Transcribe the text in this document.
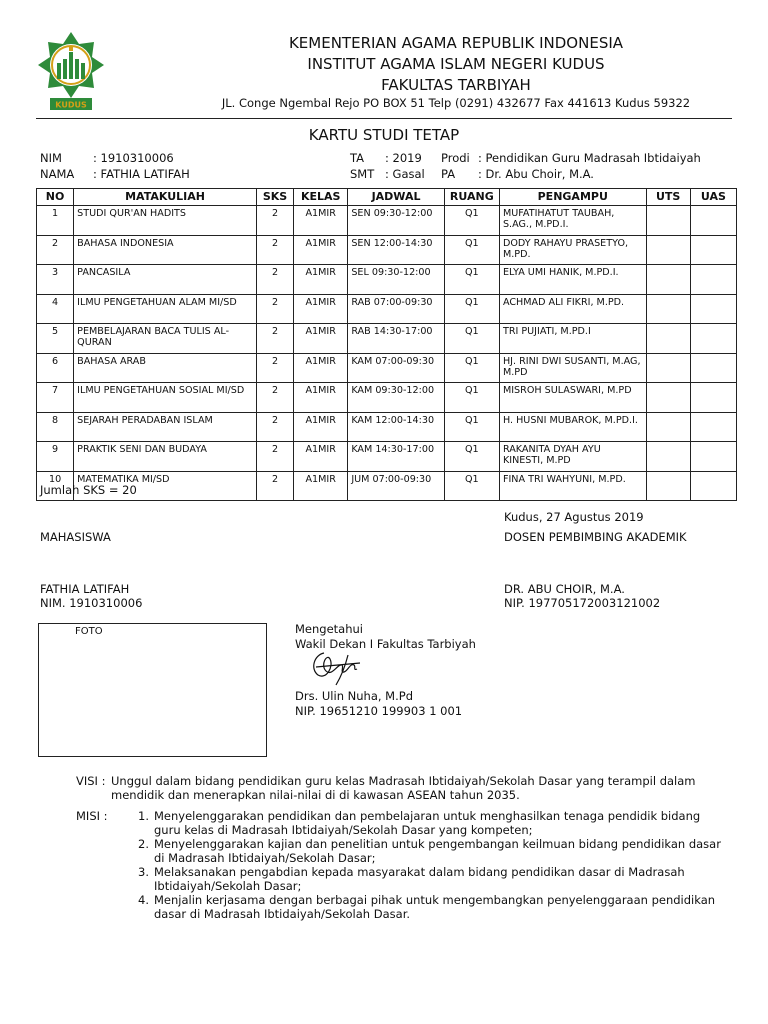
KUDUS
KEMENTERIAN AGAMA REPUBLIK INDONESIA
INSTITUT AGAMA ISLAM NEGERI KUDUS
FAKULTAS TARBIYAH
JL. Conge Ngembal Rejo PO BOX 51 Telp (0291) 432677 Fax 441613 Kudus 59322
KARTU STUDI TETAP
NIM	: 1910310006
NAMA : FATHIA LATIFAH
TA : 2019 Prodi : Pendidikan Guru Madrasah Ibtidaiyah
SMT : Gasal PA : Dr. Abu Choir, M.A.
NO	MATAKULIAH	SKS	KELAS	JADWAL	RUANG	PENGAMPU	UTS	UAS
1	STUDI QUR'AN HADITS	2	A1MIR	SEN 09:30-12:00	Q1	MUFATIHATUT TAUBAH, S.AG., M.PD.I.		
2	BAHASA INDONESIA	2	A1MIR	SEN 12:00-14:30	Q1	DODY RAHAYU PRASETYO, M.PD.		
3	PANCASILA	2	A1MIR	SEL 09:30-12:00	Q1	ELYA UMI HANIK, M.PD.I.		
4	ILMU PENGETAHUAN ALAM MI/SD	2	A1MIR	RAB 07:00-09:30	Q1	ACHMAD ALI FIKRI, M.PD.		
5	PEMBELAJARAN BACA TULIS AL-QURAN	2	A1MIR	RAB 14:30-17:00	Q1	TRI PUJIATI, M.PD.I		
6	BAHASA ARAB	2	A1MIR	KAM 07:00-09:30	Q1	HJ. RINI DWI SUSANTI, M.AG, M.PD		
7	ILMU PENGETAHUAN SOSIAL MI/SD	2	A1MIR	KAM 09:30-12:00	Q1	MISROH SULASWARI, M.PD		
8	SEJARAH PERADABAN ISLAM	2	A1MIR	KAM 12:00-14:30	Q1	H. HUSNI MUBAROK, M.PD.I.		
9	PRAKTIK SENI DAN BUDAYA	2	A1MIR	KAM 14:30-17:00	Q1	RAKANITA DYAH AYU KINESTI, M.PD		
10	MATEMATIKA MI/SD	2	A1MIR	JUM 07:00-09:30	Q1	FINA TRI WAHYUNI, M.PD.		
Jumlah SKS = 20
Kudus, 27 Agustus 2019
MAHASISWA	DOSEN PEMBIMBING AKADEMIK
FATHIA LATIFAH
NIM. 1910310006
DR. ABU CHOIR, M.A.
NIP. 197705172003121002
FOTO	Mengetahui
Wakil Dekan I Fakultas Tarbiyah
Drs. Ulin Nuha, M.Pd
NIP. 19651210 199903 1 001
VISI : Unggul dalam bidang pendidikan guru kelas Madrasah Ibtidaiyah/Sekolah Dasar yang terampil dalam mendidik dan menerapkan nilai-nilai di di kawasan ASEAN tahun 2035.
MISI :	1. Menyelenggarakan pendidikan dan pembelajaran untuk menghasilkan tenaga pendidik bidang guru kelas di Madrasah Ibtidaiyah/Sekolah Dasar yang kompeten;
2. Menyelenggarakan kajian dan penelitian untuk pengembangan keilmuan bidang pendidikan dasar di Madrasah Ibtidaiyah/Sekolah Dasar;
3. Melaksanakan pengabdian kepada masyarakat dalam bidang pendidikan dasar di Madrasah Ibtidaiyah/Sekolah Dasar;
4. Menjalin kerjasama dengan berbagai pihak untuk mengembangkan penyelenggaraan pendidikan dasar di Madrasah Ibtidaiyah/Sekolah Dasar.
